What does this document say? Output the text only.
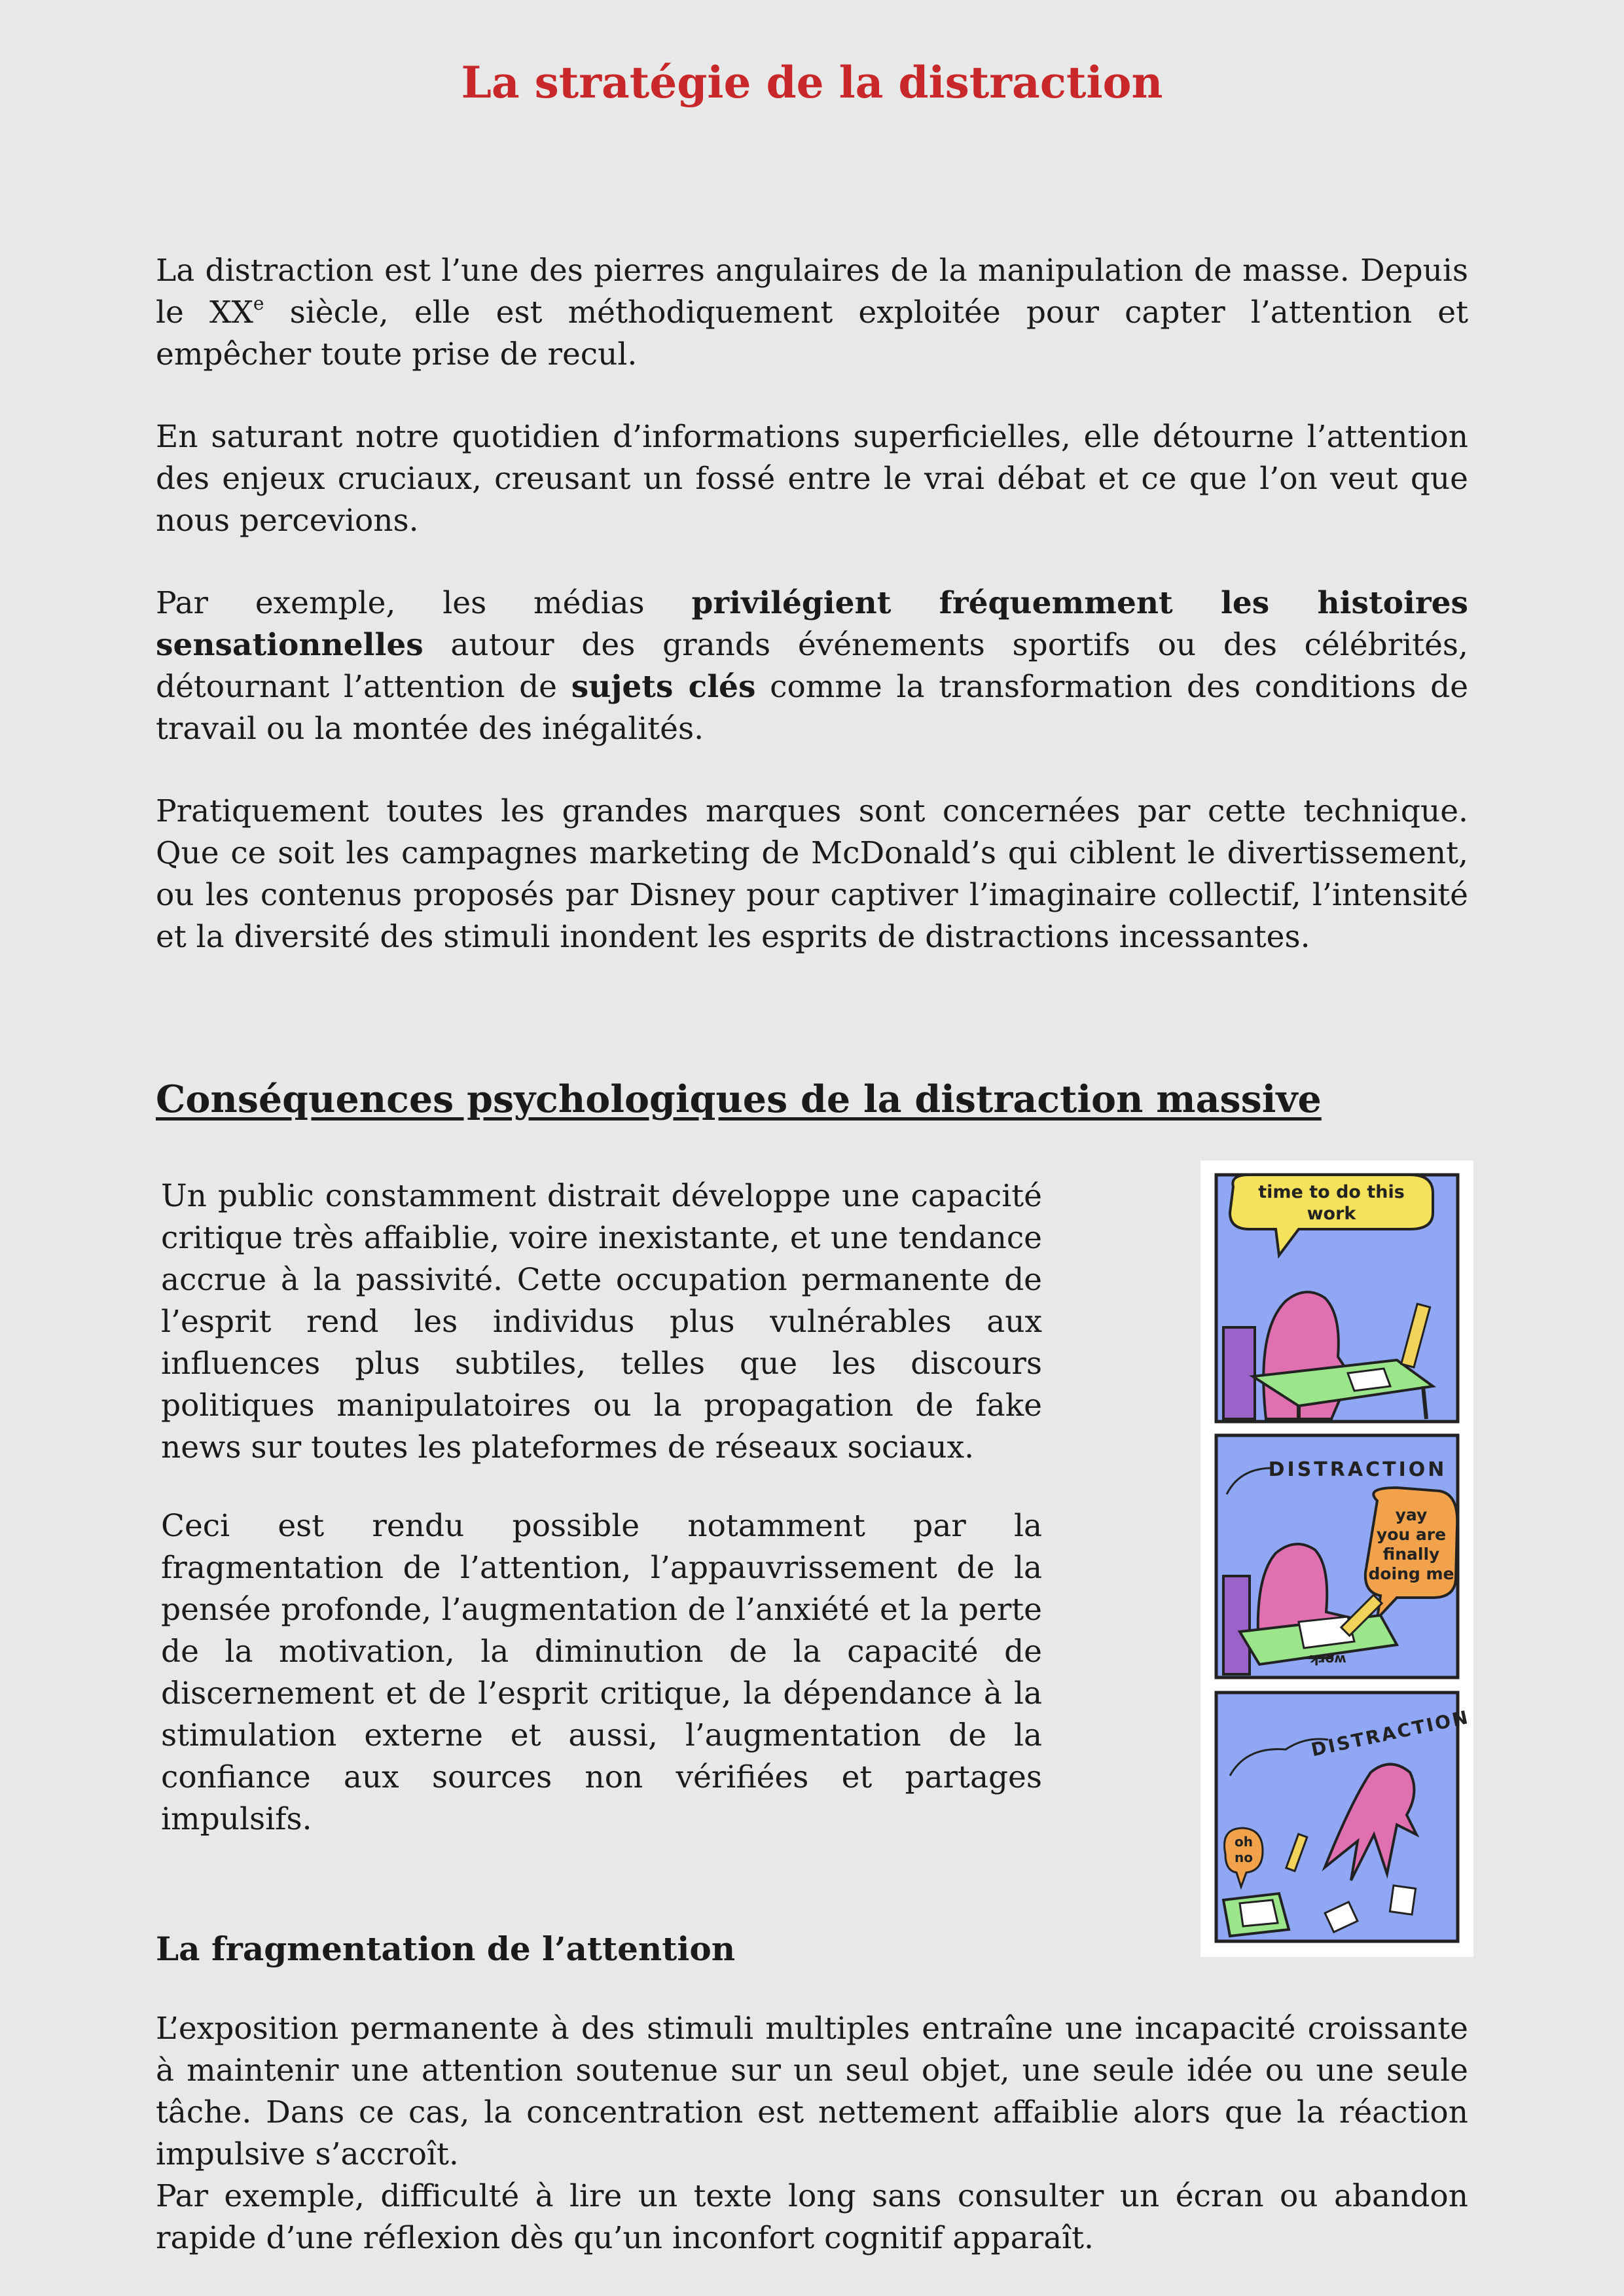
La stratégie de la distraction

La distraction est l’une des pierres angulaires de la manipulation de masse. Depuis le XXe siècle, elle est méthodiquement exploitée pour capter l’attention et empêcher toute prise de recul.

En saturant notre quotidien d’informations superficielles, elle détourne l’attention des enjeux cruciaux, creusant un fossé entre le vrai débat et ce que l’on veut que nous percevions.

Par exemple, les médias privilégient fréquemment les histoires sensationnelles autour des grands événements sportifs ou des célébrités, détournant l’attention de sujets clés comme la transformation des conditions de travail ou la montée des inégalités.

Pratiquement toutes les grandes marques sont concernées par cette technique. Que ce soit les campagnes marketing de McDonald’s qui ciblent le divertissement, ou les contenus proposés par Disney pour captiver l’imaginaire collectif, l’intensité et la diversité des stimuli inondent les esprits de distractions incessantes.

Conséquences psychologiques de la distraction massive

Un public constamment distrait développe une capacité critique très affaiblie, voire inexistante, et une tendance accrue à la passivité. Cette occupation permanente de l’esprit rend les individus plus vulnérables aux influences plus subtiles, telles que les discours politiques manipulatoires ou la propagation de fake news sur toutes les plateformes de réseaux sociaux.

Ceci est rendu possible notamment par la fragmentation de l’attention, l’appauvrissement de la pensée profonde, l’augmentation de l’anxiété et la perte de la motivation, la diminution de la capacité de discernement et de l’esprit critique, la dépendance à la stimulation externe et aussi, l’augmentation de la confiance aux sources non vérifiées et partages impulsifs.

time to do this
work
DISTRACTION
yay
you are
finally
doing me
work
DISTRACTION
oh
no
La fragmentation de l’attention

L’exposition permanente à des stimuli multiples entraîne une incapacité croissante à maintenir une attention soutenue sur un seul objet, une seule idée ou une seule tâche. Dans ce cas, la concentration est nettement affaiblie alors que la réaction impulsive s’accroît.

Par exemple, difficulté à lire un texte long sans consulter un écran ou abandon rapide d’une réflexion dès qu’un inconfort cognitif apparaît.
